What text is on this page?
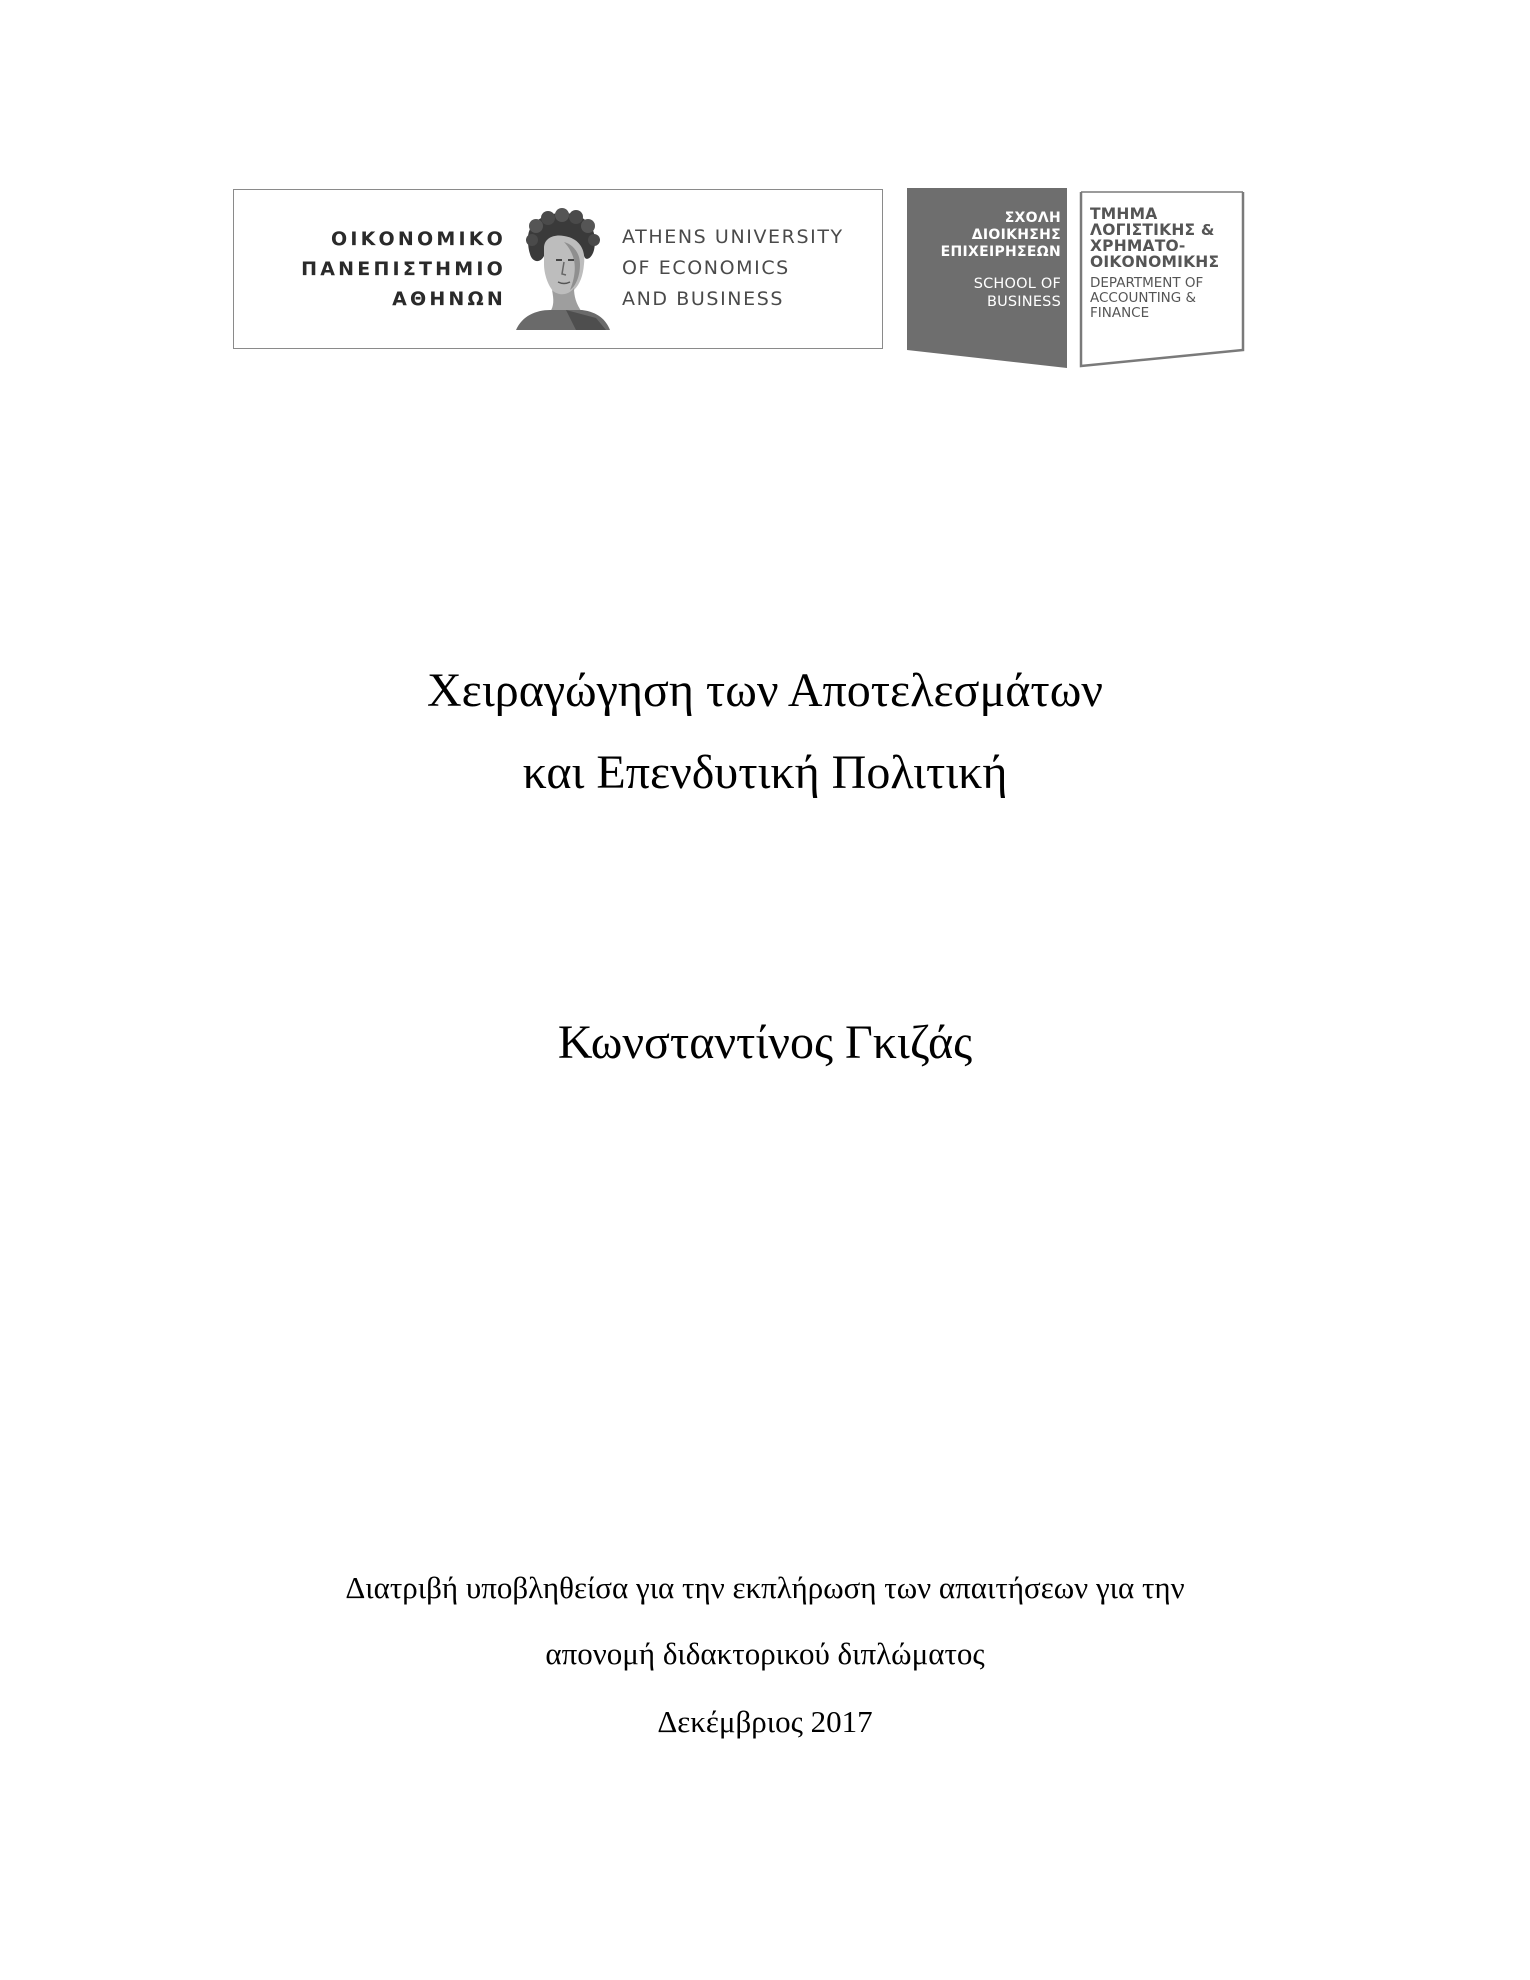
ΟΙΚΟΝΟΜΙΚΟ
ΠΑΝΕΠΙΣΤΗΜΙΟ
ΑΘΗΝΩΝ
ATHENS UNIVERSITY
OF ECONOMICS
AND BUSINESS
ΣΧΟΛΗ
ΔΙΟΙΚΗΣΗΣ
ΕΠΙΧΕΙΡΗΣΕΩΝ
SCHOOL OF
BUSINESS
ΤΜΗΜΑ
ΛΟΓΙΣΤΙΚΗΣ &
ΧΡΗΜΑΤΟ-
ΟΙΚΟΝΟΜΙΚΗΣ
DEPARTMENT OF
ACCOUNTING &
FINANCE
Χειραγώγηση των Αποτελεσμάτων
και Επενδυτική Πολιτική
Κωνσταντίνος Γκιζάς
Διατριβή υποβληθείσα για την εκπλήρωση των απαιτήσεων για την
απονομή διδακτορικού διπλώματος
Δεκέμβριος 2017
